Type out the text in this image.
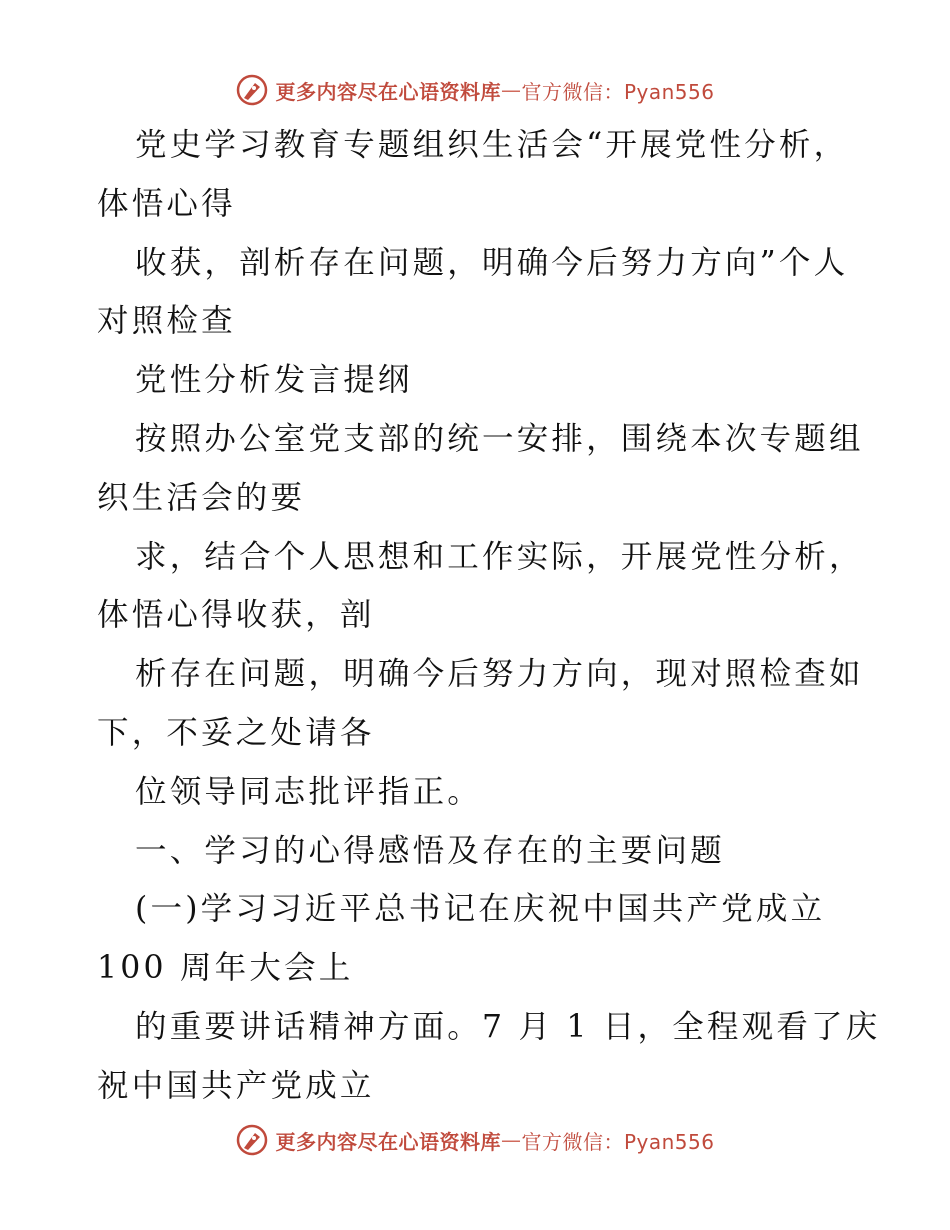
更多内容尽在心语资料库 — 官方微信：Pyan556
党史学习教育专题组织生活会“开展党性分析，
体悟心得
收获，剖析存在问题，明确今后努力方向”个人
对照检查
党性分析发言提纲
按照办公室党支部的统一安排，围绕本次专题组
织生活会的要
求，结合个人思想和工作实际，开展党性分析，
体悟心得收获，剖
析存在问题，明确今后努力方向，现对照检查如
下，不妥之处请各
位领导同志批评指正。
一、学习的心得感悟及存在的主要问题
(一)学习习近平总书记在庆祝中国共产党成立
100 周年大会上
的重要讲话精神方面。7 月 1 日，全程观看了庆
祝中国共产党成立
更多内容尽在心语资料库 — 官方微信：Pyan556
